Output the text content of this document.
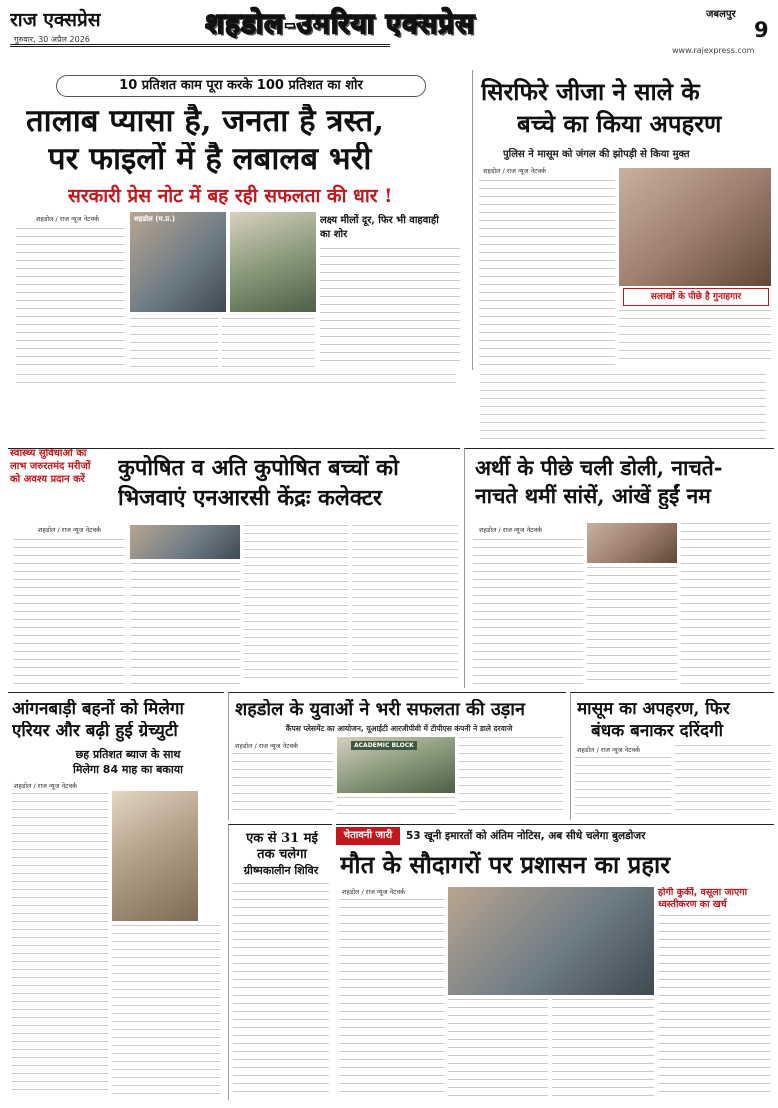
राज एक्सप्रेस
गुरुवार, 30 अप्रैल 2026	शहडोल-उमरिया एक्सप्रेस	जबलपुर
9
www.rajexpress.com
10 प्रतिशत काम पूरा करके 100 प्रतिशत का शोर
तालाब प्यासा है, जनता है त्रस्त,
पर फाइलों में है लबालब भरी
सरकारी प्रेस नोट में बह रही सफलता की धार !
शहडोल / राज न्यूज नेटवर्क	शहडोल (म.प्र.)	लक्ष्य मीलों दूर, फिर भी वाहवाही का शोर
सिरफिरे जीजा ने साले के
बच्चे का किया अपहरण
पुलिस ने मासूम को जंगल की झोपड़ी से किया मुक्त
शहडोल / राज न्यूज नेटवर्क
सलाखों के पीछे है गुनाहगार
स्वास्थ्य सुविधाओं का लाभ जरुरतमंद मरीजों को अवश्य प्रदान करें	कुपोषित व अति कुपोषित बच्चों को
भिजवाएं एनआरसी केंद्रः कलेक्टर
शहडोल / राज न्यूज नेटवर्क
अर्थी के पीछे चली डोली, नाचते-
नाचते थमीं सांसें, आंखें हुईं नम
शहडोल / राज न्यूज नेटवर्क
आंगनबाड़ी बहनों को मिलेगा
एरियर और बढ़ी हुई ग्रेच्युटी
छह प्रतिशत ब्याज के साथ
मिलेगा 84 माह का बकाया
शहडोल / राज न्यूज नेटवर्क
शहडोल के युवाओं ने भरी सफलता की उड़ान
कैंपस प्लेसमेंट का आयोजन, यूआईटी आरजीपीवी में टीपीएस कंपनी ने डाले दरवाजे
शहडोल / राज न्यूज नेटवर्क	ACADEMIC BLOCK
मासूम का अपहरण, फिर
बंधक बनाकर दरिंदगी
शहडोल / राज न्यूज नेटवर्क
एक से 31 मई
तक चलेगा
ग्रीष्मकालीन शिविर
चेतावनी जारी	53 खूनी इमारतों को अंतिम नोटिस, अब सीधे चलेगा बुलडोजर
मौत के सौदागरों पर प्रशासन का प्रहार
शहडोल / राज न्यूज नेटवर्क	होगी कुर्की, वसूला जाएगा ध्वस्तीकरण का खर्च
